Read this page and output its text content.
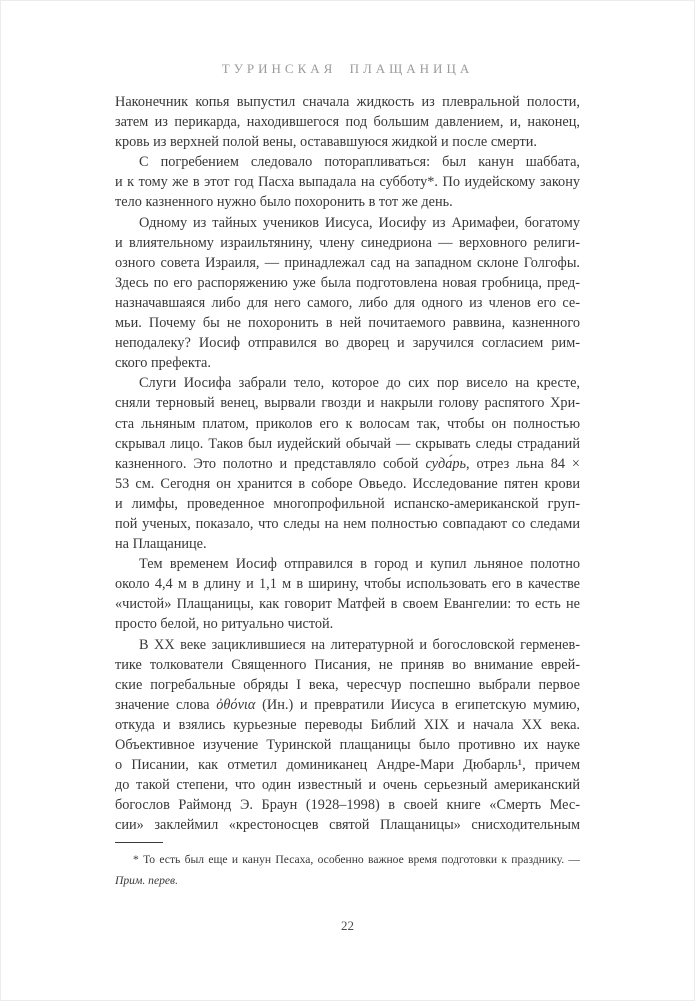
ТУРИНСКАЯ ПЛАЩАНИЦА
Наконечник копья выпустил сначала жидкость из плевральной полости,
затем из перикарда, находившегося под большим давлением, и, наконец,
кровь из верхней полой вены, остававшуюся жидкой и после смерти.
С погребением следовало поторапливаться: был канун шаббата,
и к тому же в этот год Пасха выпадала на субботу*. По иудейскому закону
тело казненного нужно было похоронить в тот же день.
Одному из тайных учеников Иисуса, Иосифу из Аримафеи, богатому
и влиятельному израильтянину, члену синедриона — верховного религи-
озного совета Израиля, — принадлежал сад на западном склоне Голгофы.
Здесь по его распоряжению уже была подготовлена новая гробница, пред-
назначавшаяся либо для него самого, либо для одного из членов его се-
мьи. Почему бы не похоронить в ней почитаемого раввина, казненного
неподалеку? Иосиф отправился во дворец и заручился согласием рим-
ского префекта.
Слуги Иосифа забрали тело, которое до сих пор висело на кресте,
сняли терновый венец, вырвали гвозди и накрыли голову распятого Хри-
ста льняным платом, приколов его к волосам так, чтобы он полностью
скрывал лицо. Таков был иудейский обычай — скрывать следы страданий
казненного. Это полотно и представляло собой суда́рь, отрез льна 84 ×
53 см. Сегодня он хранится в соборе Овьедо. Исследование пятен крови
и лимфы, проведенное многопрофильной испанско-американской груп-
пой ученых, показало, что следы на нем полностью совпадают со следами
на Плащанице.
Тем временем Иосиф отправился в город и купил льняное полотно
около 4,4 м в длину и 1,1 м в ширину, чтобы использовать его в качестве
«чистой» Плащаницы, как говорит Матфей в своем Евангелии: то есть не
просто белой, но ритуально чистой.
В XX веке зациклившиеся на литературной и богословской герменев-
тике толкователи Священного Писания, не приняв во внимание еврей-
ские погребальные обряды I века, чересчур поспешно выбрали первое
значение слова ὀθόνια (Ин.) и превратили Иисуса в египетскую мумию,
откуда и взялись курьезные переводы Библий XIX и начала XX века.
Объективное изучение Туринской плащаницы было противно их науке
о Писании, как отметил доминиканец Андре-Мари Дюбарль¹, причем
до такой степени, что один известный и очень серьезный американский
богослов Раймонд Э. Браун (1928–1998) в своей книге «Смерть Мес-
сии» заклеймил «крестоносцев святой Плащаницы» снисходительным
* То есть был еще и канун Песаха, особенно важное время подготовки к празднику. —
Прим. перев.
22
